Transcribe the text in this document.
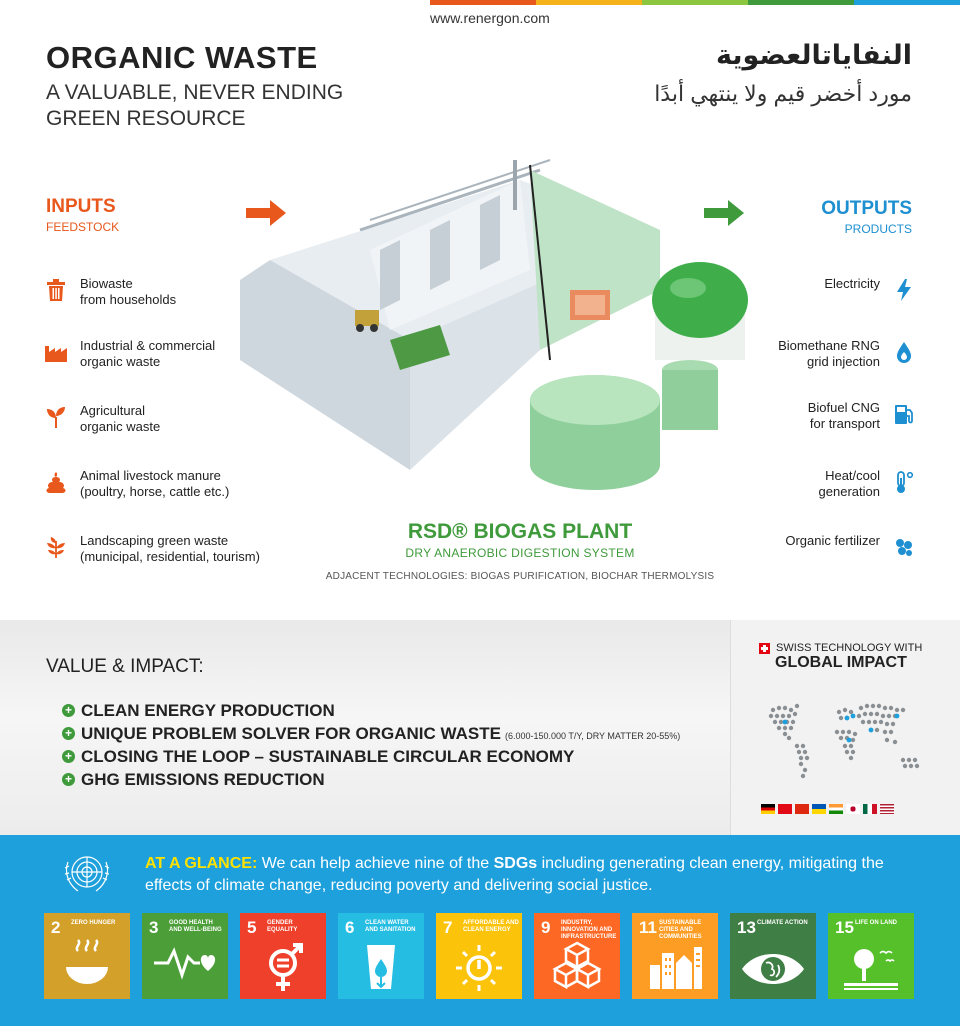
www.renergon.com
ORGANIC WASTE
A VALUABLE, NEVER ENDING GREEN RESOURCE
النفاياتالعضوية
مورد أخضر قيم ولا ينتهي أبدًا
INPUTS
FEEDSTOCK
OUTPUTS
PRODUCTS
Biowaste
from households
Industrial & commercial
organic waste
Agricultural
organic waste
Animal livestock manure
(poultry, horse, cattle etc.)
Landscaping green waste
(municipal, residential, tourism)
Electricity
Biomethane RNG
grid injection
Biofuel CNG
for transport
Heat/cool
generation
Organic fertilizer
RSD® BIOGAS PLANT
DRY ANAEROBIC DIGESTION SYSTEM
ADJACENT TECHNOLOGIES: BIOGAS PURIFICATION, BIOCHAR THERMOLYSIS
VALUE & IMPACT:
+ CLEAN ENERGY PRODUCTION
+ UNIQUE PROBLEM SOLVER FOR ORGANIC WASTE (6.000-150.000 T/Y, DRY MATTER 20-55%)
+ CLOSING THE LOOP – SUSTAINABLE CIRCULAR ECONOMY
+ GHG EMISSIONS REDUCTION
SWISS TECHNOLOGY WITH
GLOBAL IMPACT
AT A GLANCE: We can help achieve nine of the SDGs including generating clean energy, mitigating the effects of climate change, reducing poverty and delivering social justice.
2 ZERO HUNGER	3 GOOD HEALTH AND WELL-BEING 5 GENDER EQUALITY	6 CLEAN WATER AND SANITATION	7 AFFORDABLE AND CLEAN ENERGY	9 INDUSTRY, INNOVATION AND INFRASTRUCTURE 11 SUSTAINABLE CITIES AND COMMUNITIES	13 CLIMATE ACTION	15 LIFE ON LAND
